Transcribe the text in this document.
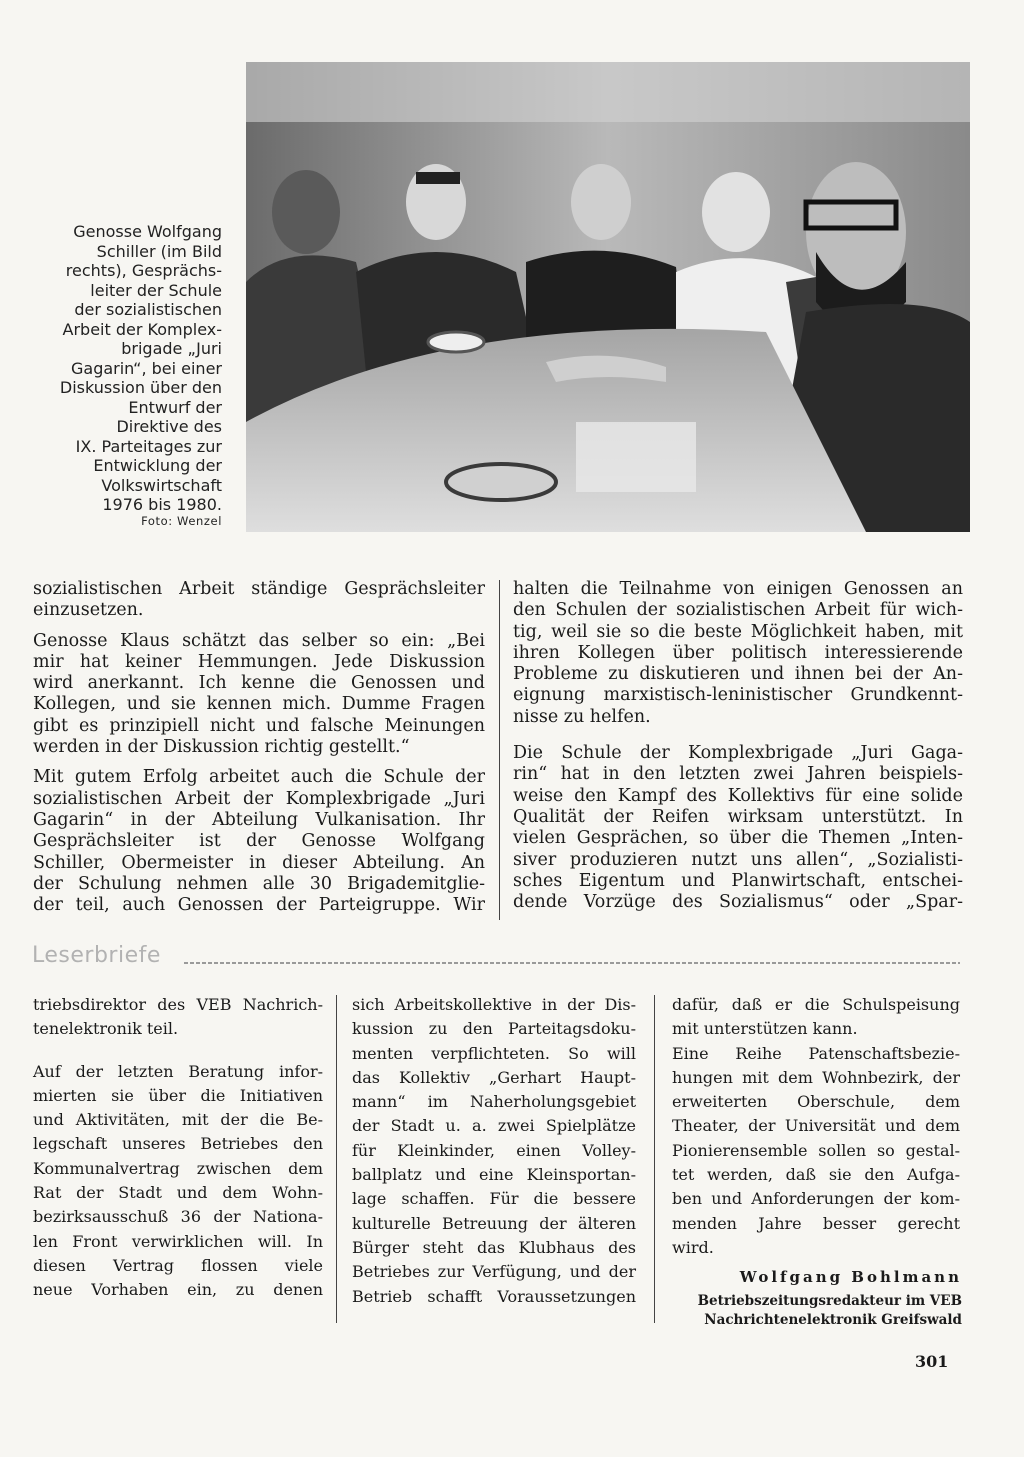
Genosse Wolfgang
Schiller (im Bild
rechts), Gesprächs-
leiter der Schule
der sozialistischen
Arbeit der Komplex-
brigade „Juri
Gagarin“, bei einer
Diskussion über den
Entwurf der
Direktive des
IX. Parteitages zur
Entwicklung der
Volkswirtschaft
1976 bis 1980.
Foto: Wenzel
sozialistischen Arbeit ständige Gesprächsleiter
einzusetzen.
Genosse Klaus schätzt das selber so ein: „Bei
mir hat keiner Hemmungen. Jede Diskussion
wird anerkannt. Ich kenne die Genossen und
Kollegen, und sie kennen mich. Dumme Fragen
gibt es prinzipiell nicht und falsche Meinungen
werden in der Diskussion richtig gestellt.“
Mit gutem Erfolg arbeitet auch die Schule der
sozialistischen Arbeit der Komplexbrigade „Juri
Gagarin“ in der Abteilung Vulkanisation. Ihr
Gesprächsleiter ist der Genosse Wolfgang
Schiller, Obermeister in dieser Abteilung. An
der Schulung nehmen alle 30 Brigademitglie-
der teil, auch Genossen der Parteigruppe. Wir
halten die Teilnahme von einigen Genossen an
den Schulen der sozialistischen Arbeit für wich-
tig, weil sie so die beste Möglichkeit haben, mit
ihren Kollegen über politisch interessierende
Probleme zu diskutieren und ihnen bei der An-
eignung marxistisch-leninistischer Grundkennt-
nisse zu helfen.
Die Schule der Komplexbrigade „Juri Gaga-
rin“ hat in den letzten zwei Jahren beispiels-
weise den Kampf des Kollektivs für eine solide
Qualität der Reifen wirksam unterstützt. In
vielen Gesprächen, so über die Themen „Inten-
siver produzieren nutzt uns allen“, „Sozialisti-
sches Eigentum und Planwirtschaft, entschei-
dende Vorzüge des Sozialismus“ oder „Spar-
Leserbriefe
triebsdirektor des VEB Nachrich-
tenelektronik teil.
Auf der letzten Beratung infor-
mierten sie über die Initiativen
und Aktivitäten, mit der die Be-
legschaft unseres Betriebes den
Kommunalvertrag zwischen dem
Rat der Stadt und dem Wohn-
bezirksausschuß 36 der Nationa-
len Front verwirklichen will. In
diesen Vertrag flossen viele
neue Vorhaben ein, zu denen
sich Arbeitskollektive in der Dis-
kussion zu den Parteitagsdoku-
menten verpflichteten. So will
das Kollektiv „Gerhart Haupt-
mann“ im Naherholungsgebiet
der Stadt u. a. zwei Spielplätze
für Kleinkinder, einen Volley-
ballplatz und eine Kleinsportan-
lage schaffen. Für die bessere
kulturelle Betreuung der älteren
Bürger steht das Klubhaus des
Betriebes zur Verfügung, und der
Betrieb schafft Voraussetzungen
dafür, daß er die Schulspeisung
mit unterstützen kann.
Eine Reihe Patenschaftsbezie-
hungen mit dem Wohnbezirk, der
erweiterten Oberschule, dem
Theater, der Universität und dem
Pionierensemble sollen so gestal-
tet werden, daß sie den Aufga-
ben und Anforderungen der kom-
menden Jahre besser gerecht
wird.
Wolfgang Bohlmann
Betriebszeitungsredakteur im VEB
Nachrichtenelektronik Greifswald
301
